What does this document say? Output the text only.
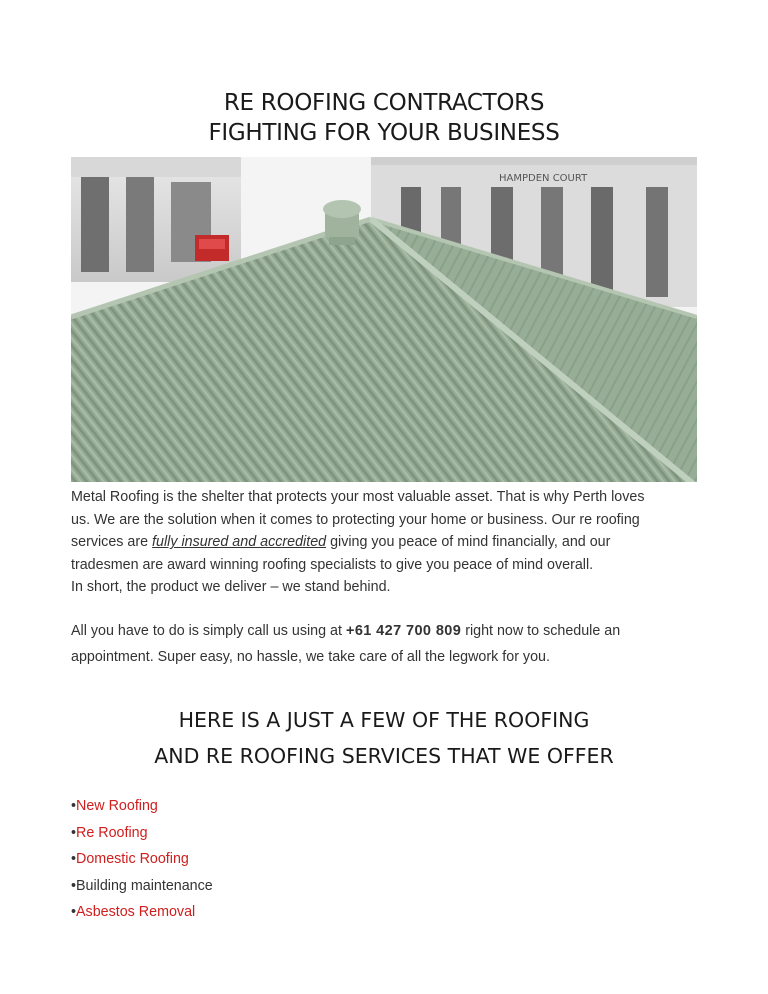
RE ROOFING CONTRACTORS
FIGHTING FOR YOUR BUSINESS
HAMPDEN COURT

Metal Roofing is the shelter that protects your most valuable asset. That is why Perth loves

us. We are the solution when it comes to protecting your home or business. Our re roofing

services are fully insured and accredited giving you peace of mind financially, and our

tradesmen are award winning roofing specialists to give you peace of mind overall.

In short, the product we deliver – we stand behind.

All you have to do is simply call us using at +61 427 700 809 right now to schedule an

appointment. Super easy, no hassle, we take care of all the legwork for you.

HERE IS A JUST A FEW OF THE ROOFING
AND RE ROOFING SERVICES THAT WE OFFER
•New Roofing
•Re Roofing
•Domestic Roofing
•Building maintenance
•Asbestos Removal
